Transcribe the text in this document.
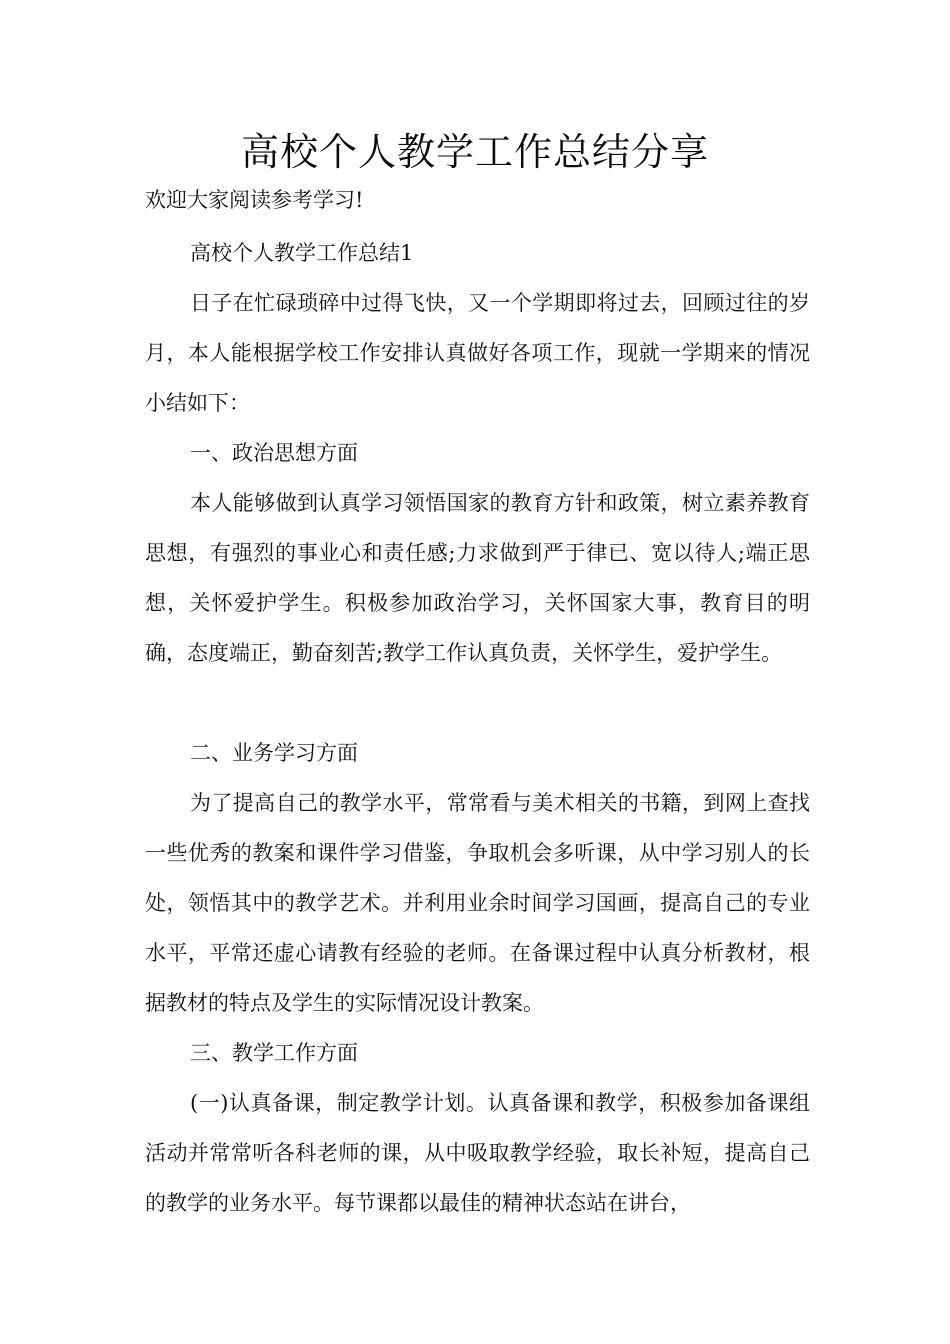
高校个人教学工作总结分享

欢迎大家阅读参考学习!

高校个人教学工作总结1

日子在忙碌琐碎中过得飞快，又一个学期即将过去，回顾过往的岁月，本人能根据学校工作安排认真做好各项工作，现就一学期来的情况小结如下：

一、政治思想方面

本人能够做到认真学习领悟国家的教育方针和政策，树立素养教育思想，有强烈的事业心和责任感;力求做到严于律已、宽以待人;端正思想，关怀爱护学生。积极参加政治学习，关怀国家大事，教育目的明确，态度端正，勤奋刻苦;教学工作认真负责，关怀学生，爱护学生。

二、业务学习方面

为了提高自己的教学水平，常常看与美术相关的书籍，到网上查找一些优秀的教案和课件学习借鉴，争取机会多听课，从中学习别人的长处，领悟其中的教学艺术。并利用业余时间学习国画，提高自己的专业水平，平常还虚心请教有经验的老师。在备课过程中认真分析教材，根据教材的特点及学生的实际情况设计教案。

三、教学工作方面

(一)认真备课，制定教学计划。认真备课和教学，积极参加备课组活动并常常听各科老师的课，从中吸取教学经验，取长补短，提高自己的教学的业务水平。每节课都以最佳的精神状态站在讲台，
